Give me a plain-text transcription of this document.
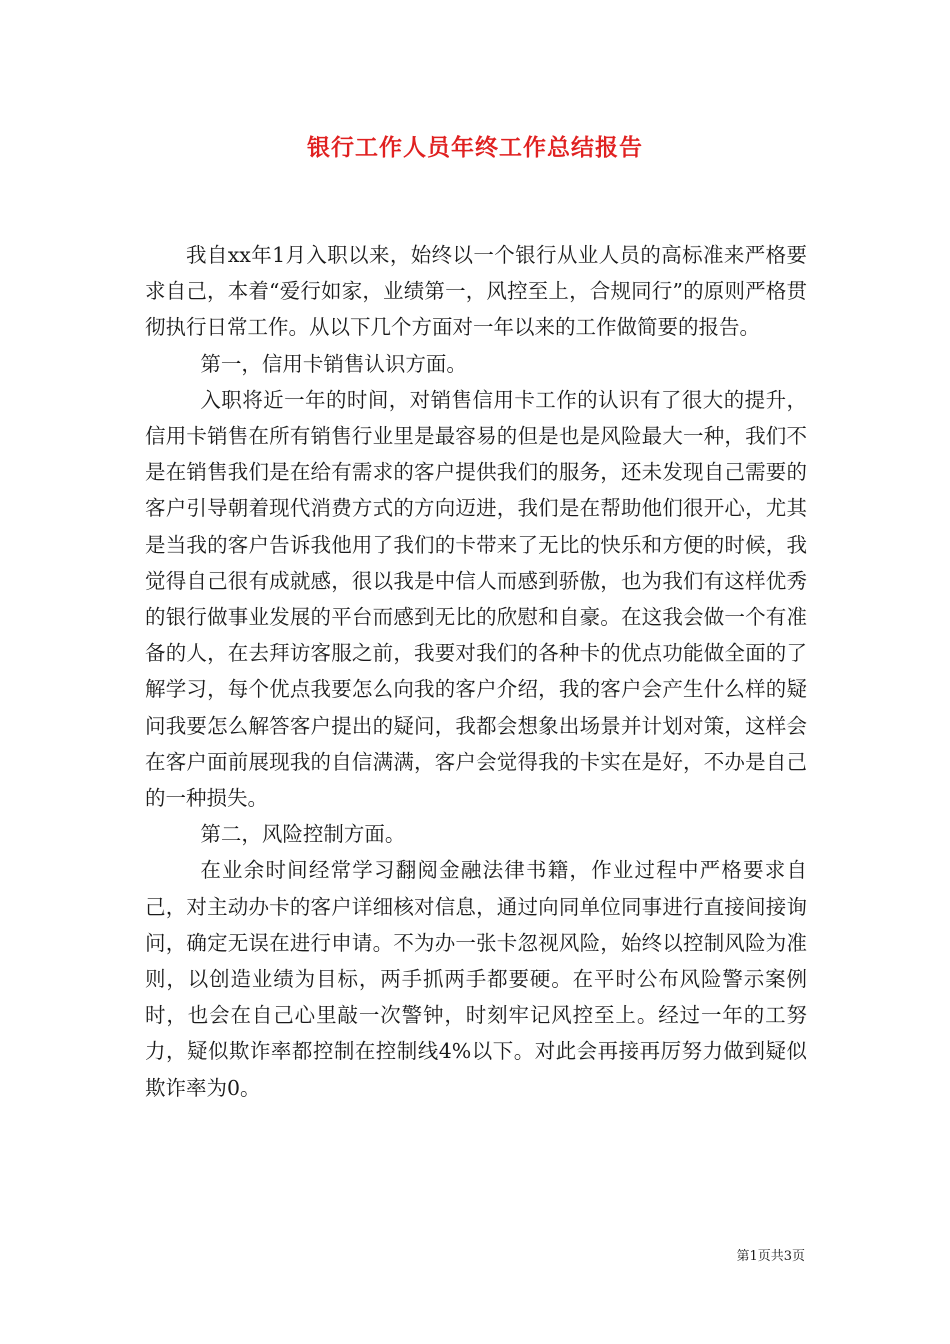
银行工作人员年终工作总结报告

我自xx年1月入职以来，始终以一个银行从业人员的高标准来严格要求自己，本着“爱行如家，业绩第一，风控至上，合规同行”的原则严格贯彻执行日常工作。从以下几个方面对一年以来的工作做简要的报告。

第一，信用卡销售认识方面。

入职将近一年的时间，对销售信用卡工作的认识有了很大的提升，信用卡销售在所有销售行业里是最容易的但是也是风险最大一种，我们不是在销售我们是在给有需求的客户提供我们的服务，还未发现自己需要的客户引导朝着现代消费方式的方向迈进，我们是在帮助他们很开心，尤其是当我的客户告诉我他用了我们的卡带来了无比的快乐和方便的时候，我觉得自己很有成就感，很以我是中信人而感到骄傲，也为我们有这样优秀的银行做事业发展的平台而感到无比的欣慰和自豪。在这我会做一个有准备的人，在去拜访客服之前，我要对我们的各种卡的优点功能做全面的了解学习，每个优点我要怎么向我的客户介绍，我的客户会产生什么样的疑问我要怎么解答客户提出的疑问，我都会想象出场景并计划对策，这样会在客户面前展现我的自信满满，客户会觉得我的卡实在是好，不办是自己的一种损失。

第二，风险控制方面。

在业余时间经常学习翻阅金融法律书籍，作业过程中严格要求自己，对主动办卡的客户详细核对信息，通过向同单位同事进行直接间接询问，确定无误在进行申请。不为办一张卡忽视风险，始终以控制风险为准则，以创造业绩为目标，两手抓两手都要硬。在平时公布风险警示案例时，也会在自己心里敲一次警钟，时刻牢记风控至上。经过一年的工努力，疑似欺诈率都控制在控制线4%以下。对此会再接再厉努力做到疑似欺诈率为0。

第1页共3页
